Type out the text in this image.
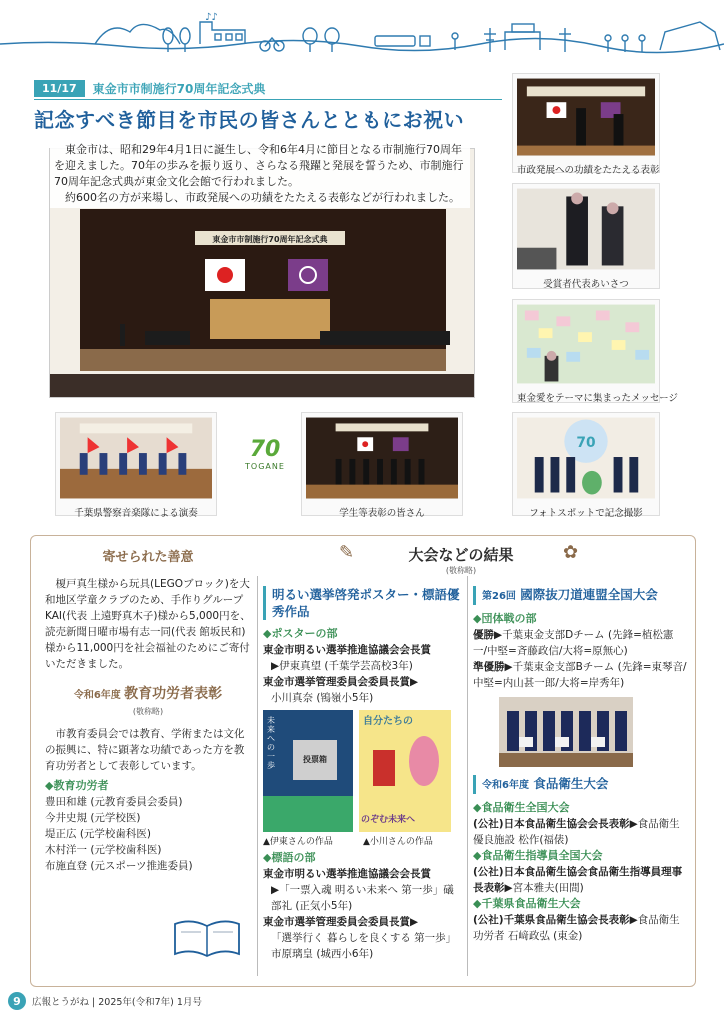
♪♪
11/17	東金市市制施行70周年記念式典
記念すべき節目を市民の皆さんとともにお祝い
東金市市制施行70周年記念式典

東金市は、昭和29年4月1日に誕生し、令和6年4月に節目となる市制施行70周年を迎えました。70年の歩みを振り返り、さらなる飛躍と発展を誓うため、市制施行70周年記念式典が東金文化会館で行われました。

約600名の方が来場し、市政発展への功績をたたえる表彰などが行われました。

市政発展への功績をたたえる表彰
受賞者代表あいさつ
東金愛をテーマに集まったメッセージ
千葉県警察音楽隊による演奏
70
TOGANE
学生等表彰の皆さん
70
フォトスポットで記念撮影
寄せられた善意

榎戸真生様から玩具(LEGOブロック)を大和地区学童クラブのため、手作りグループKAI(代表 上遠野真木子)様から5,000円を、読売新聞日曜市場有志一同(代表 館坂民和)様から11,000円を社会福祉のためにご寄付いただきました。

令和6年度 教育功労者表彰
(敬称略)

市教育委員会では教育、学術または文化の振興に、特に顕著な功績であった方を教育功労者として表彰しています。

◆教育功労者
豊田和雄 (元教育委員会委員)
今井史規 (元学校医)
堤正広 (元学校歯科医)
木村洋一 (元学校歯科医)
布施直登 (元スポーツ推進委員)
大会などの結果
(敬称略)
✎	✿
明るい選挙啓発ポスター・標語優秀作品
◆ポスターの部
東金市明るい選挙推進協議会会長賞
▶伊東真望 (千葉学芸高校3年)
東金市選挙管理委員会委員長賞▶
小川真奈 (鴇嶺小5年)
未来への一歩
投票箱
自分たちの
のぞむ未来へ
▲伊東さんの作品	▲小川さんの作品
◆標語の部
東金市明るい選挙推進協議会会長賞
▶「一票入魂 明るい未来へ 第一歩」礒部礼 (正気小5年)
東金市選挙管理委員会委員長賞▶
「選挙行く 暮らしを良くする 第一歩」市原璃皇 (城西小6年)
第26回 國際抜刀道連盟全国大会
◆団体戦の部
優勝▶千葉東金支部Dチーム (先鋒=植松憲一/中堅=斉藤政信/大将=原無心)
準優勝▶千葉東金支部Bチーム (先鋒=東琴音/中堅=内山甚一郎/大将=岸秀年)
令和6年度 食品衛生大会
◆食品衛生全国大会
(公社)日本食品衛生協会会長表彰▶食品衛生優良施設 松作(福俵)
◆食品衛生指導員全国大会
(公社)日本食品衛生協会食品衛生指導員理事長表彰▶宮本雅夫(田間)
◆千葉県食品衛生大会
(公社)千葉県食品衛生協会長表彰▶食品衛生功労者 石﨑政弘 (東金)
9	広報とうがね | 2025年(令和7年) 1月号
